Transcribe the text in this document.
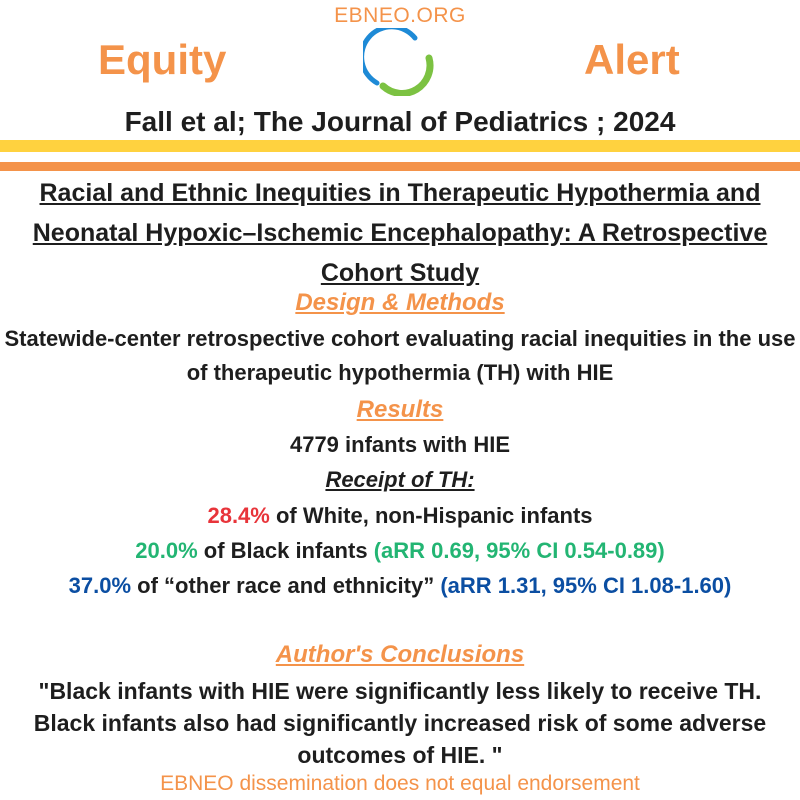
EBNEO.ORG
Equity	Alert
Fall et al; The Journal of Pediatrics ; 2024
Racial and Ethnic Inequities in Therapeutic Hypothermia and Neonatal Hypoxic–Ischemic Encephalopathy: A Retrospective Cohort Study
Design & Methods
Statewide-center retrospective cohort evaluating racial inequities in the use of therapeutic hypothermia (TH) with HIE
Results
4779 infants with HIE
Receipt of TH:
28.4% of White, non-Hispanic infants
20.0% of Black infants (aRR 0.69, 95% CI 0.54-0.89)
37.0% of “other race and ethnicity” (aRR 1.31, 95% CI 1.08-1.60)
Author's Conclusions
"Black infants with HIE were significantly less likely to receive TH. Black infants also had significantly increased risk of some adverse outcomes of HIE. "
EBNEO dissemination does not equal endorsement
